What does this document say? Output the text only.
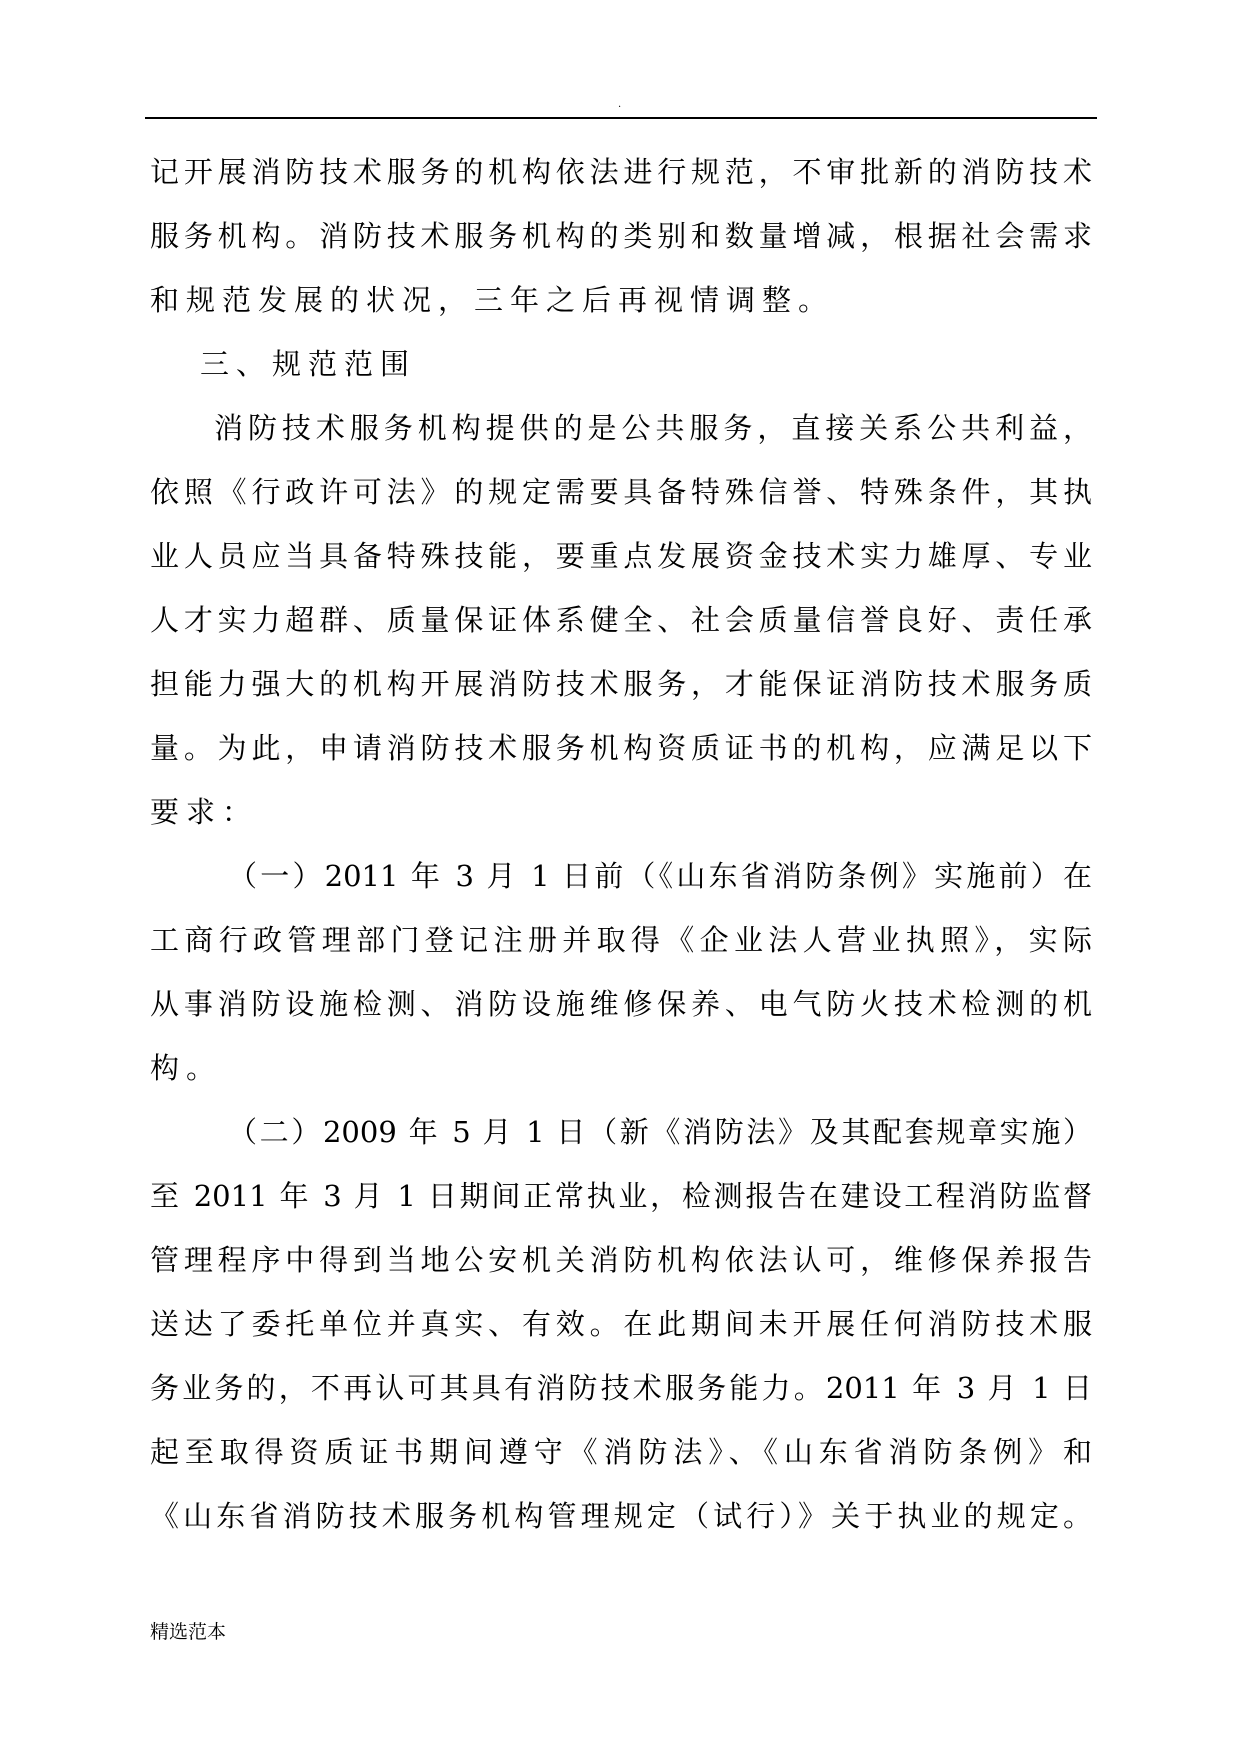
.
记开展消防技术服务的机构依法进行规范，不审批新的消防技术
服务机构。消防技术服务机构的类别和数量增减，根据社会需求
和规范发展的状况，三年之后再视情调整。
三、规范范围
消防技术服务机构提供的是公共服务，直接关系公共利益，
依照《行政许可法》的规定需要具备特殊信誉、特殊条件，其执
业人员应当具备特殊技能，要重点发展资金技术实力雄厚、专业
人才实力超群、质量保证体系健全、社会质量信誉良好、责任承
担能力强大的机构开展消防技术服务，才能保证消防技术服务质
量。为此，申请消防技术服务机构资质证书的机构，应满足以下
要求：
（一）2011 年 3 月 1 日前（《山东省消防条例》实施前）在
工商行政管理部门登记注册并取得《企业法人营业执照》，实际
从事消防设施检测、消防设施维修保养、电气防火技术检测的机
构。
（二）2009 年 5 月 1 日（新《消防法》及其配套规章实施）
至 2011 年 3 月 1 日期间正常执业，检测报告在建设工程消防监督
管理程序中得到当地公安机关消防机构依法认可，维修保养报告
送达了委托单位并真实、有效。在此期间未开展任何消防技术服
务业务的，不再认可其具有消防技术服务能力。2011 年 3 月 1 日
起至取得资质证书期间遵守《消防法》、《山东省消防条例》和
《山东省消防技术服务机构管理规定（试行）》关于执业的规定。
精选范本
